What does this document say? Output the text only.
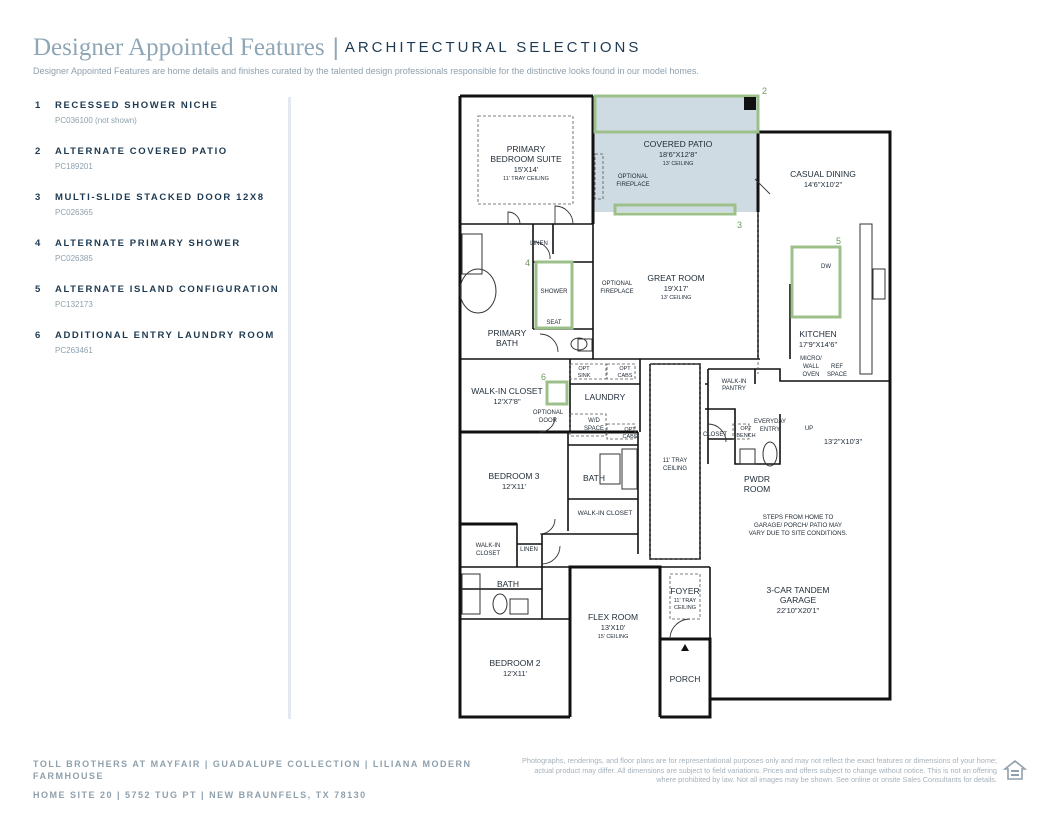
Designer Appointed Features | $^{ARCHITECTURAL SELECTIONS}$
Designer Appointed Features are home details and finishes curated by the talented design professionals responsible for the distinctive looks found in our model homes.
1	RECESSED SHOWER NICHE
PC036100 (not shown)
2	ALTERNATE COVERED PATIO
PC189201
3	MULTI-SLIDE STACKED DOOR 12X8
PC026365
4	ALTERNATE PRIMARY SHOWER
PC026385
5	ALTERNATE ISLAND CONFIGURATION
PC132173
6	ADDITIONAL ENTRY LAUNDRY ROOM
PC263461
2
3
4
5
6
PRIMARY
BEDROOM SUITE
15'X14'
11' TRAY CEILING
COVERED PATIO
18'6"X12'8"
13' CEILING
OPTIONAL
FIREPLACE
CASUAL DINING
14'6"X10'2"
LINEN
SHOWER
SEAT
OPTIONAL
FIREPLACE
GREAT ROOM
19'X17'
13' CEILING
DW
KITCHEN
17'9"X14'6"
MICRO/
WALL
OVEN
REF
SPACE
PRIMARY
BATH
WALK-IN CLOSET
12'X7'8"
OPTIONAL
DOOR
OPT
SINK
OPT
CABS
LAUNDRY
W/D
SPACE	OPT
CABS
WALK-IN
PANTRY
EVERYDAY
ENTRY
OPT
BENCH
UP
CLOSET
13'2"X10'3"
11' TRAY
CEILING
BEDROOM 3
12'X11'
BATH	PWDR
ROOM
WALK-IN CLOSET
STEPS FROM HOME TO
GARAGE/ PORCH/ PATIO MAY
VARY DUE TO SITE CONDITIONS.
WALK-IN
CLOSET
LINEN
BATH
FOYER
11' TRAY
CEILING
3-CAR TANDEM
GARAGE
22'10"X20'1"
FLEX ROOM
13'X10'
15' CEILING
BEDROOM 2
12'X11'
PORCH
TOLL BROTHERS AT MAYFAIR | GUADALUPE COLLECTION | LILIANA MODERN FARMHOUSE
HOME SITE 20 | 5752 TUG PT | NEW BRAUNFELS, TX 78130
Photographs, renderings, and floor plans are for representational purposes only and may not reflect the exact features or dimensions of your home; actual product may differ. All dimensions are subject to field variations. Prices and offers subject to change without notice. This is not an offering where prohibited by law. Not all images may be shown. See online or onsite Sales Consultants for details.
